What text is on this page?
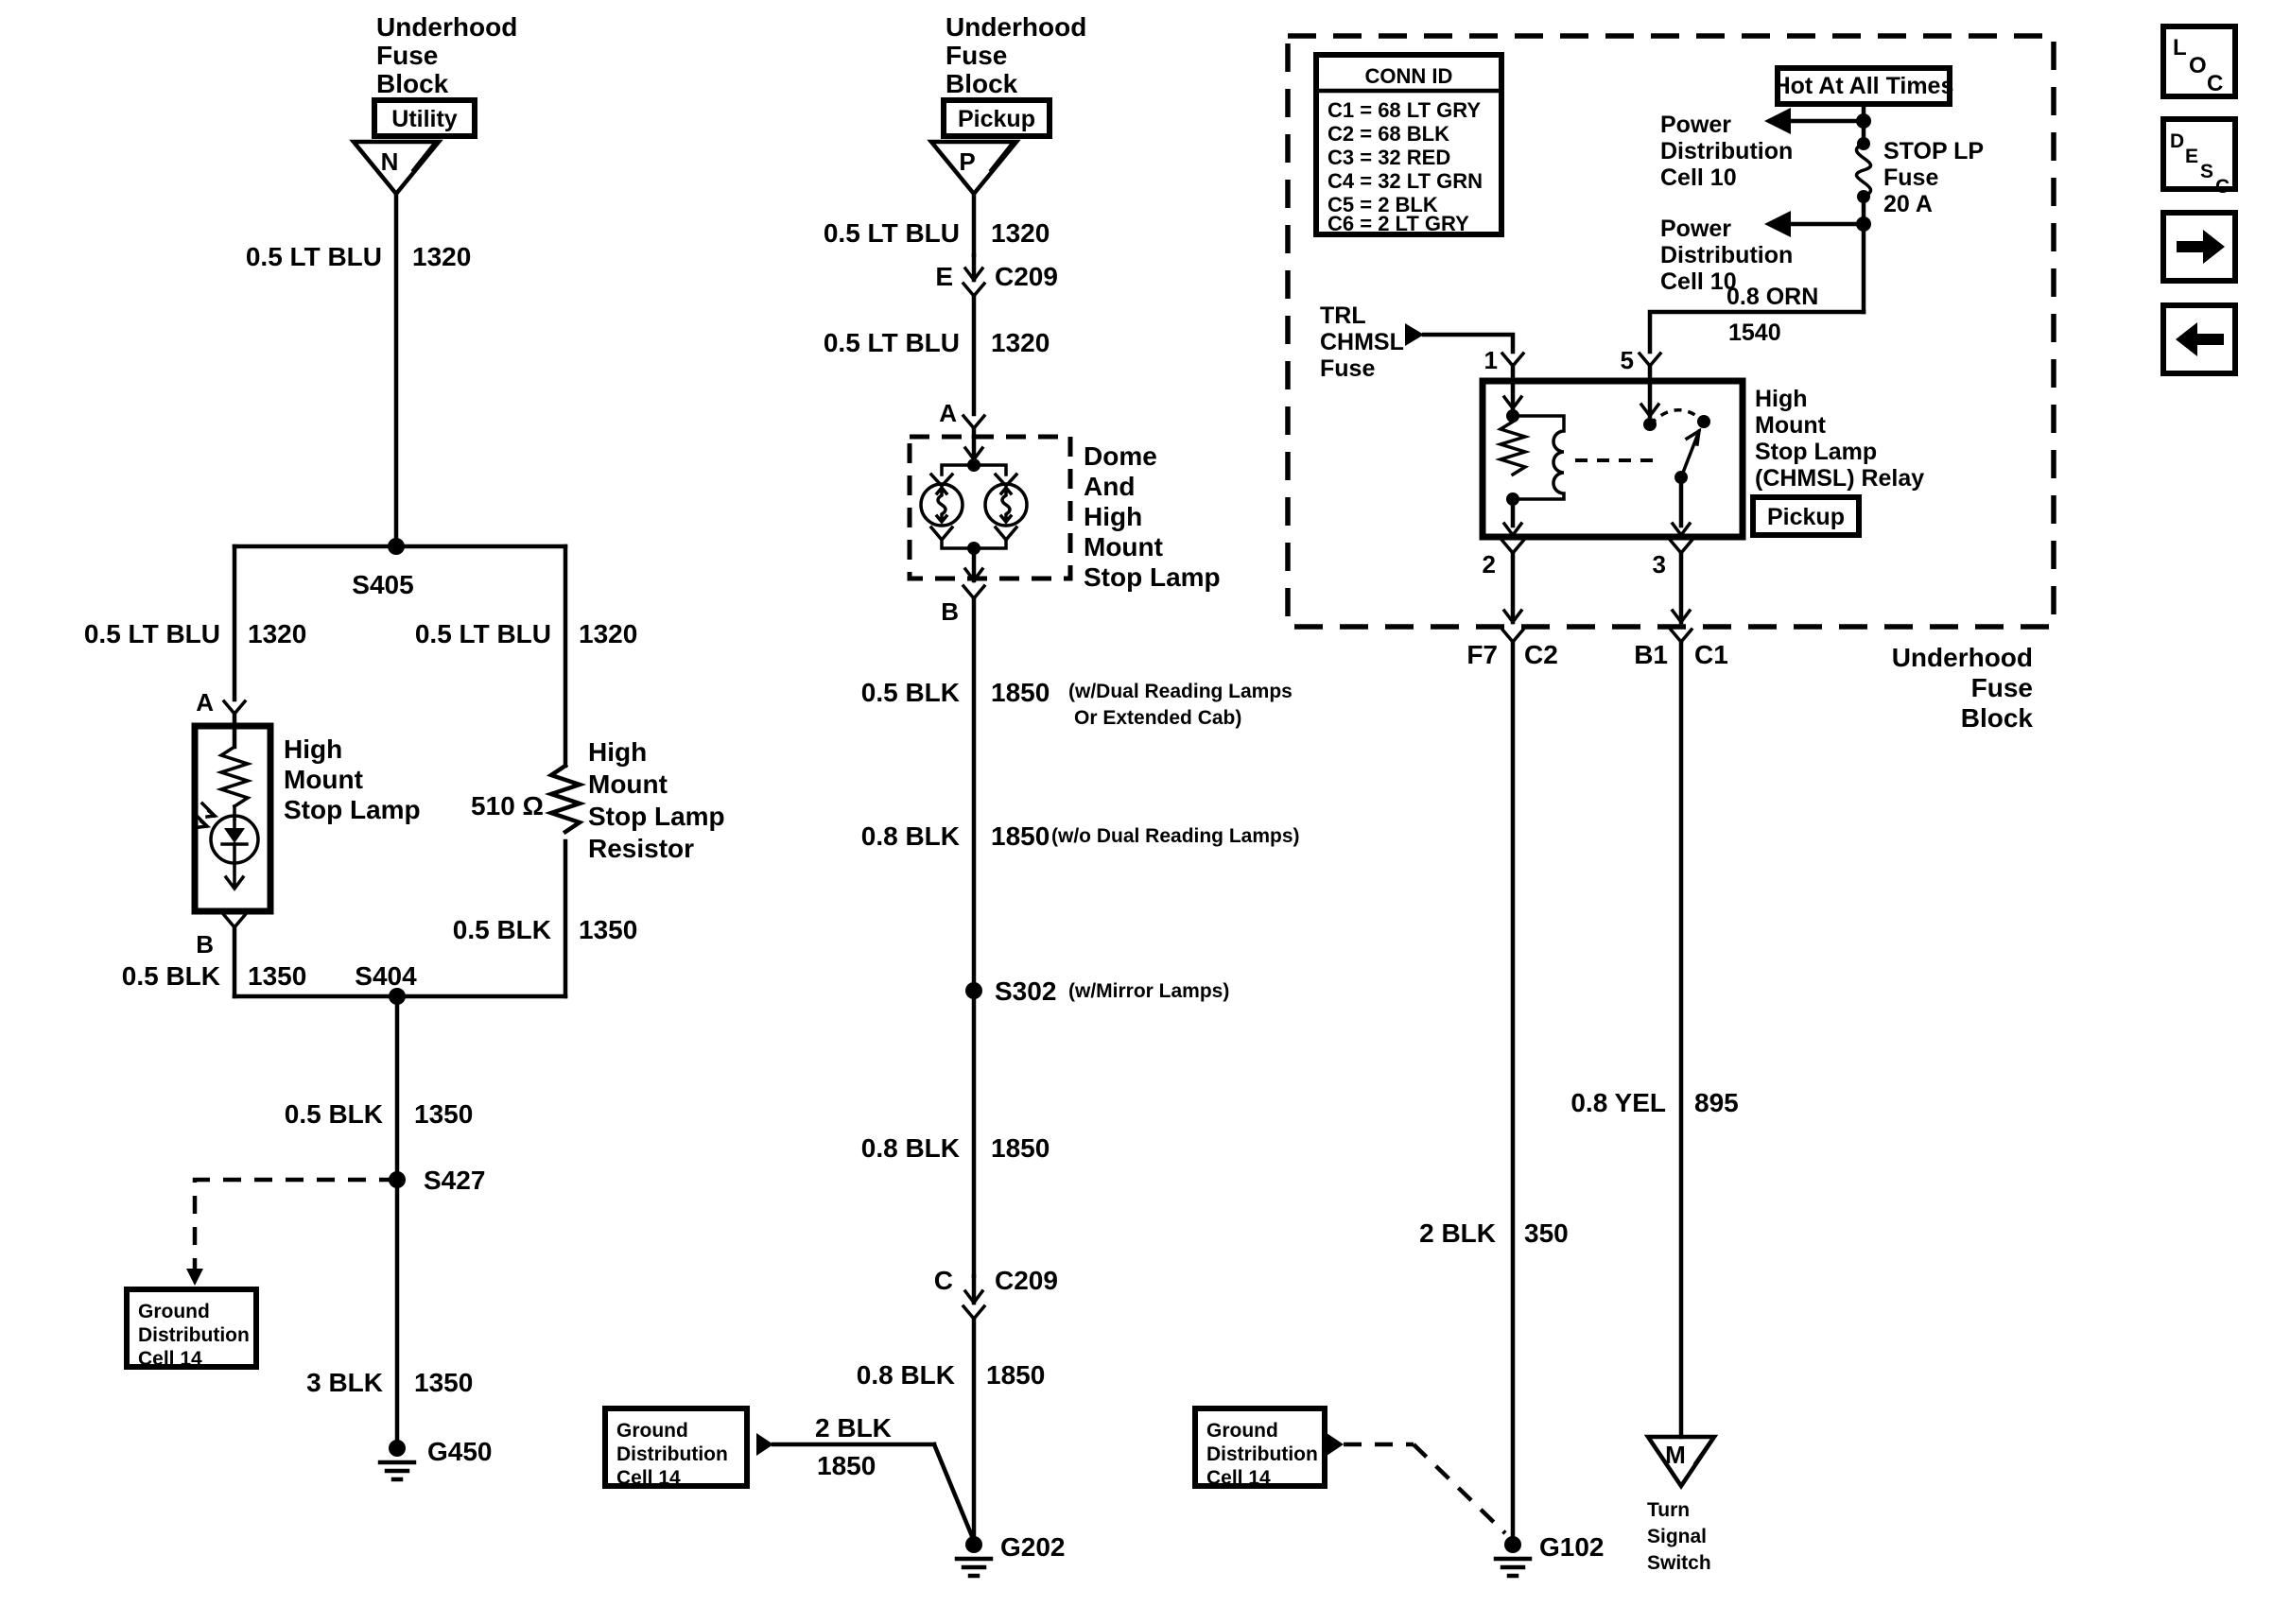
Underhood
Fuse
Block
Utility
N
0.5 LT BLU 1320
S405
0.5 LT BLU 1320
A
High
Mount
Stop Lamp
B
0.5 BLK 1350
0.5 LT BLU 1320
510 Ω
High
Mount
Stop Lamp
Resistor
0.5 BLK 1350
S404
0.5 BLK 1350
S427
Ground
Distribution
Cell 14
3 BLK 1350
G450
Underhood
Fuse
Block
Pickup
P
0.5 LT BLU 1320
E C209
0.5 LT BLU 1320
A
Dome
And
High
Mount
Stop Lamp
B
0.5 BLK 1850 (w/Dual Reading Lamps
Or Extended Cab)
0.8 BLK 1850 (w/o Dual Reading Lamps)
S302 (w/Mirror Lamps)
0.8 BLK 1850
C C209
0.8 BLK 1850
Ground
Distribution
Cell 14
2 BLK
1850
G202
CONN ID
C1 = 68 LT GRY
C2 = 68 BLK
C3 = 32 RED
C4 = 32 LT GRN
C5 = 2 BLK
C6 = 2 LT GRY
Hot At All Times
Power
Distribution
Cell 10
STOP LP
Fuse
20 A
Power
Distribution
Cell 10
0.8 ORN
1540
5
TRL
CHMSL
Fuse	1
High
Mount
Stop Lamp
(CHMSL) Relay
Pickup
2	3
Underhood
Fuse
Block
F7 C2	B1 C1
0.8 YEL 895
2 BLK 350
Ground
Distribution
Cell 14
G102
M
Turn
Signal
Switch
L
O
C
D
E
S
C
